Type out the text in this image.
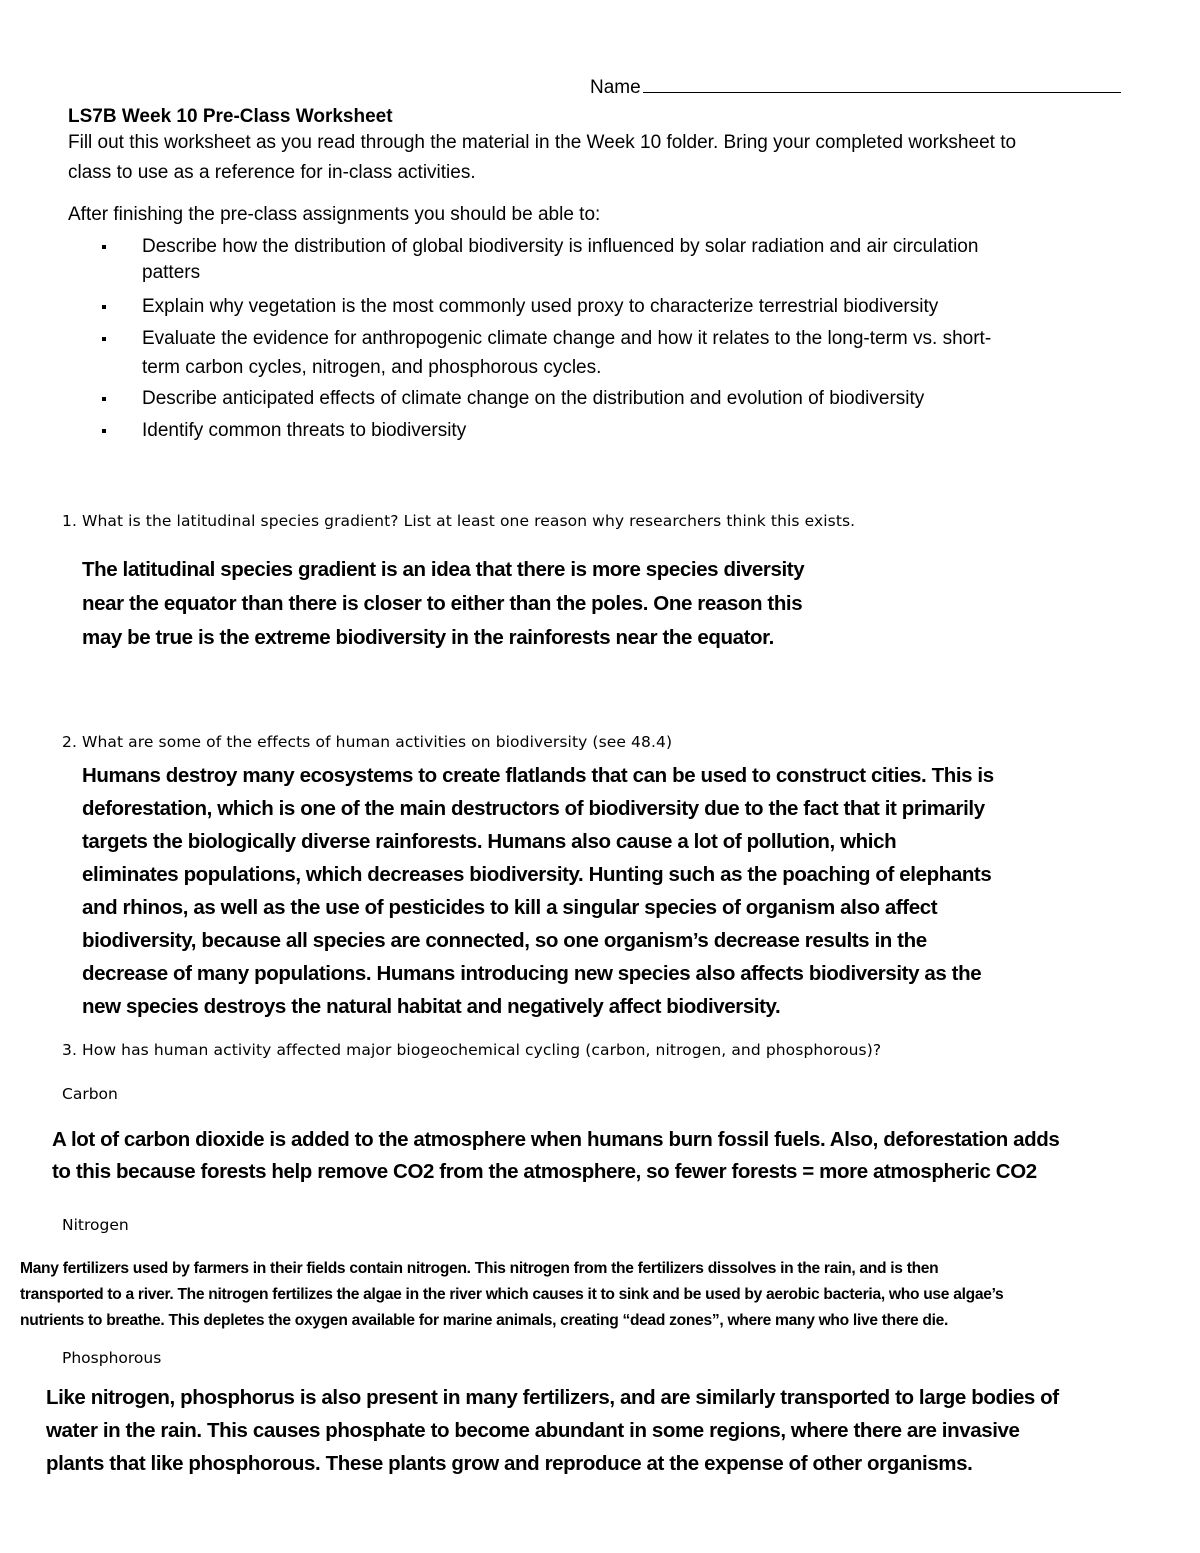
Name
LS7B Week 10 Pre-Class Worksheet
Fill out this worksheet as you read through the material in the Week 10 folder. Bring your completed worksheet to
class to use as a reference for in-class activities.
After finishing the pre-class assignments you should be able to:
Describe how the distribution of global biodiversity is influenced by solar radiation and air circulation
patters
Explain why vegetation is the most commonly used proxy to characterize terrestrial biodiversity
Evaluate the evidence for anthropogenic climate change and how it relates to the long-term vs. short-
term carbon cycles, nitrogen, and phosphorous cycles.
Describe anticipated effects of climate change on the distribution and evolution of biodiversity
Identify common threats to biodiversity
1. What is the latitudinal species gradient? List at least one reason why researchers think this exists.
The latitudinal species gradient is an idea that there is more species diversity
near the equator than there is closer to either than the poles. One reason this
may be true is the extreme biodiversity in the rainforests near the equator.
2. What are some of the effects of human activities on biodiversity (see 48.4)
Humans destroy many ecosystems to create flatlands that can be used to construct cities. This is
deforestation, which is one of the main destructors of biodiversity due to the fact that it primarily
targets the biologically diverse rainforests. Humans also cause a lot of pollution, which
eliminates populations, which decreases biodiversity. Hunting such as the poaching of elephants
and rhinos, as well as the use of pesticides to kill a singular species of organism also affect
biodiversity, because all species are connected, so one organism’s decrease results in the
decrease of many populations. Humans introducing new species also affects biodiversity as the
new species destroys the natural habitat and negatively affect biodiversity.
3. How has human activity affected major biogeochemical cycling (carbon, nitrogen, and phosphorous)?
Carbon
A lot of carbon dioxide is added to the atmosphere when humans burn fossil fuels. Also, deforestation adds
to this because forests help remove CO2 from the atmosphere, so fewer forests = more atmospheric CO2
Nitrogen
Many fertilizers used by farmers in their fields contain nitrogen. This nitrogen from the fertilizers dissolves in the rain, and is then
transported to a river. The nitrogen fertilizes the algae in the river which causes it to sink and be used by aerobic bacteria, who use algae’s
nutrients to breathe. This depletes the oxygen available for marine animals, creating “dead zones”, where many who live there die.
Phosphorous
Like nitrogen, phosphorus is also present in many fertilizers, and are similarly transported to large bodies of
water in the rain. This causes phosphate to become abundant in some regions, where there are invasive
plants that like phosphorous. These plants grow and reproduce at the expense of other organisms.
